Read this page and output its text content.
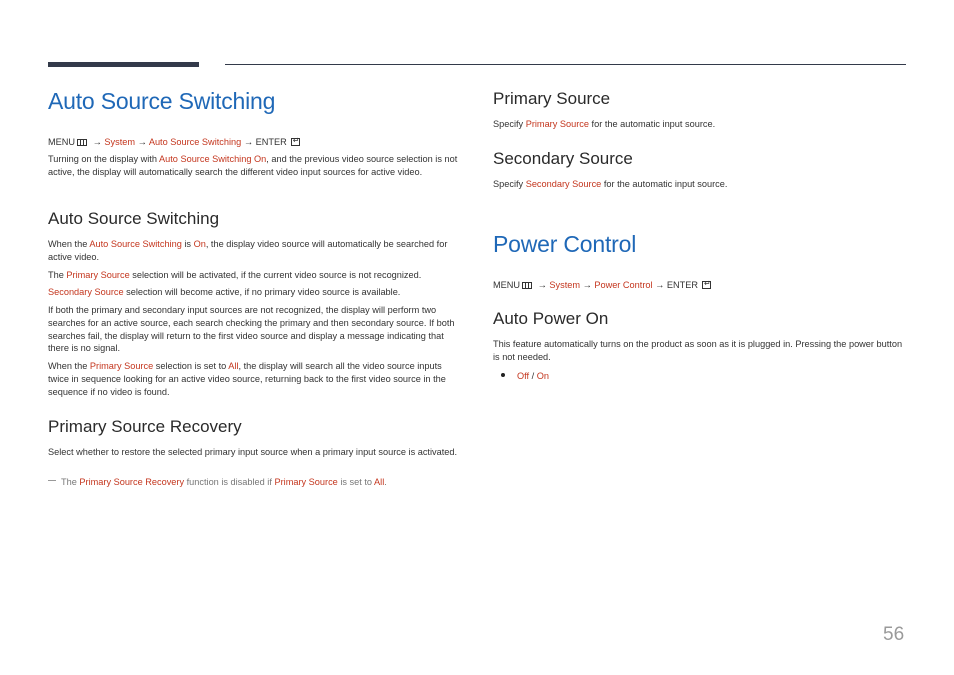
Auto Source Switching
MENU → System → Auto Source Switching → ENTER↵
Turning on the display with Auto Source Switching On, and the previous video source selection is not active, the display will automatically search the different video input sources for active video.
Auto Source Switching
When the Auto Source Switching is On, the display video source will automatically be searched for active video.
The Primary Source selection will be activated, if the current video source is not recognized.
Secondary Source selection will become active, if no primary video source is available.
If both the primary and secondary input sources are not recognized, the display will perform two searches for an active source, each search checking the primary and then secondary source. If both searches fail, the display will return to the first video source and display a message indicating that there is no signal.
When the Primary Source selection is set to All, the display will search all the video source inputs twice in sequence looking for an active video source, returning back to the first video source in the sequence if no video is found.
Primary Source Recovery
Select whether to restore the selected primary input source when a primary input source is activated.
The Primary Source Recovery function is disabled if Primary Source is set to All.
Primary Source
Specify Primary Source for the automatic input source.
Secondary Source
Specify Secondary Source for the automatic input source.
Power Control
MENU → System → Power Control → ENTER↵
Auto Power On
This feature automatically turns on the product as soon as it is plugged in. Pressing the power button is not needed.
Off / On
56
